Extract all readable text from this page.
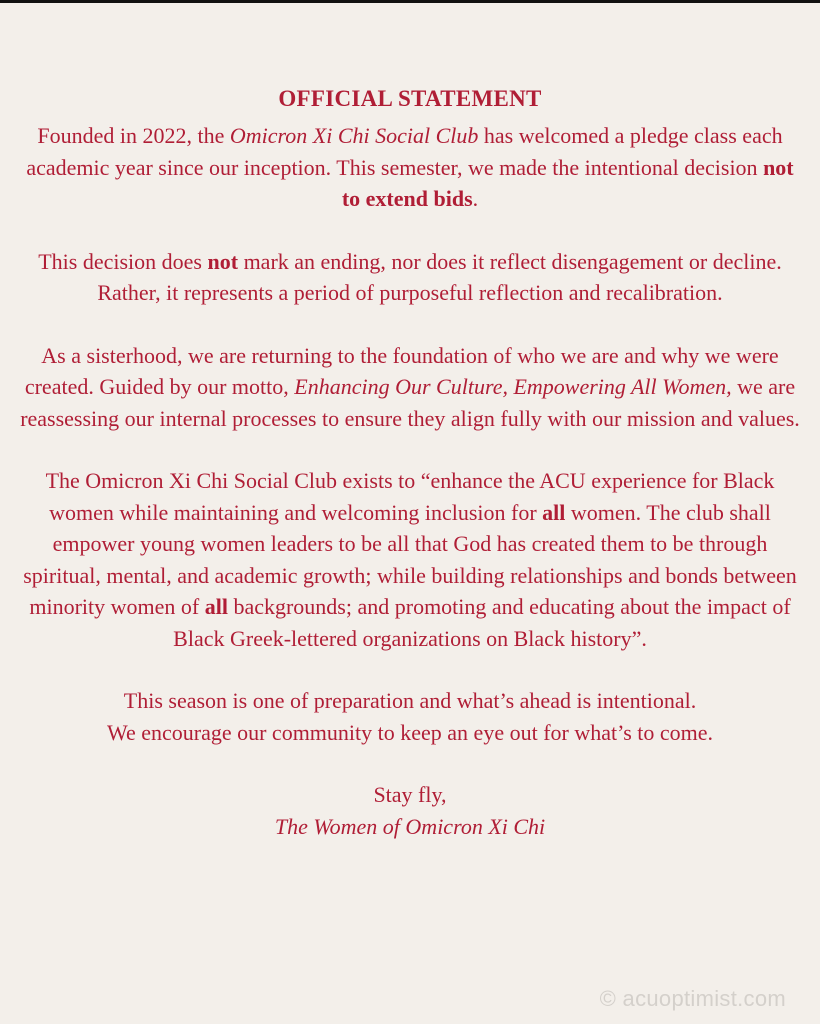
OFFICIAL STATEMENT

Founded in 2022, the Omicron Xi Chi Social Club has welcomed a pledge class each academic year since our inception. This semester, we made the intentional decision not to extend bids.

This decision does not mark an ending, nor does it reflect disengagement or decline. Rather, it represents a period of purposeful reflection and recalibration.

As a sisterhood, we are returning to the foundation of who we are and why we were created. Guided by our motto, Enhancing Our Culture, Empowering All Women, we are reassessing our internal processes to ensure they align fully with our mission and values.

The Omicron Xi Chi Social Club exists to “enhance the ACU experience for Black women while maintaining and welcoming inclusion for all women. The club shall empower young women leaders to be all that God has created them to be through spiritual, mental, and academic growth; while building relationships and bonds between minority women of all backgrounds; and promoting and educating about the impact of Black Greek-lettered organizations on Black history”.

This season is one of preparation and what’s ahead is intentional.
We encourage our community to keep an eye out for what’s to come.

Stay fly,
The Women of Omicron Xi Chi

© acuoptimist.com
